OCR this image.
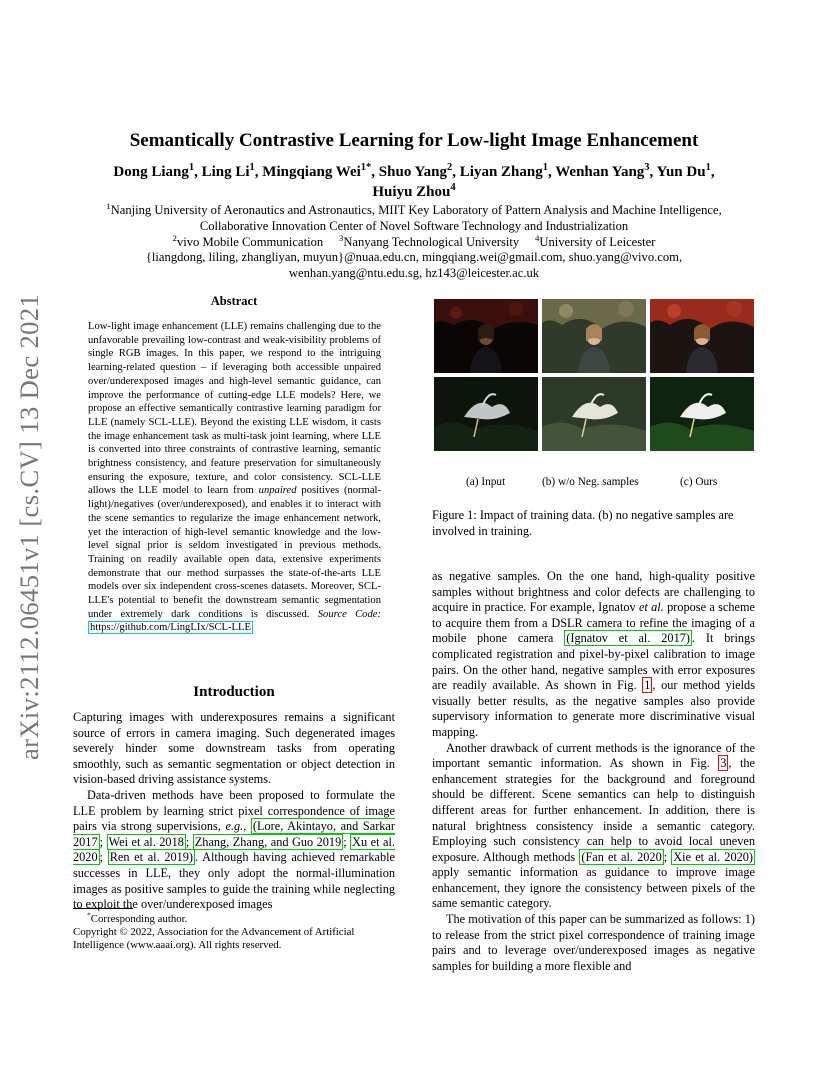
arXiv:2112.06451v1 [cs.CV] 13 Dec 2021
Semantically Contrastive Learning for Low-light Image Enhancement
Dong Liang$^1$, Ling Li$^1$, Mingqiang Wei$^{1*}$, Shuo Yang$^2$, Liyan Zhang$^1$, Wenhan Yang$^3$, Yun Du$^1$,
Huiyu Zhou$^4$
$^1$Nanjing University of Aeronautics and Astronautics, MIIT Key Laboratory of Pattern Analysis and Machine Intelligence,
Collaborative Innovation Center of Novel Software Technology and Industrialization
$^2$vivo Mobile Communication $^3$Nanyang Technological University $^4$University of Leicester
{liangdong, liling, zhangliyan, muyun}@nuaa.edu.cn, mingqiang.wei@gmail.com, shuo.yang@vivo.com,
wenhan.yang@ntu.edu.sg, hz143@leicester.ac.uk
Abstract
Low-light image enhancement (LLE) remains challenging due to the unfavorable prevailing low-contrast and weak-visibility problems of single RGB images. In this paper, we respond to the intriguing learning-related question – if leveraging both accessible unpaired over/underexposed images and high-level semantic guidance, can improve the performance of cutting-edge LLE models? Here, we propose an effective semantically contrastive learning paradigm for LLE (namely SCL-LLE). Beyond the existing LLE wisdom, it casts the image enhancement task as multi-task joint learning, where LLE is converted into three constraints of contrastive learning, semantic brightness consistency, and feature preservation for simultaneously ensuring the exposure, texture, and color consistency. SCL-LLE allows the LLE model to learn from unpaired positives (normal-light)/negatives (over/underexposed), and enables it to interact with the scene semantics to regularize the image enhancement network, yet the interaction of high-level semantic knowledge and the low-level signal prior is seldom investigated in previous methods. Training on readily available open data, extensive experiments demonstrate that our method surpasses the state-of-the-arts LLE models over six independent cross-scenes datasets. Moreover, SCL-LLE's potential to benefit the downstream semantic segmentation under extremely dark conditions is discussed. Source Code: https://github.com/LingLIx/SCL-LLE
Introduction

Capturing images with underexposures remains a significant source of errors in camera imaging. Such degenerated images severely hinder some downstream tasks from operating smoothly, such as semantic segmentation or object detection in vision-based driving assistance systems.

Data-driven methods have been proposed to formulate the LLE problem by learning strict pixel correspondence of image pairs via strong supervisions, e.g., (Lore, Akintayo, and Sarkar 2017 ; Wei et al. 2018 ; Zhang, Zhang, and Guo 2019 ; Xu et al. 2020 ; Ren et al. 2019) . Although having achieved remarkable successes in LLE, they only adopt the normal-illumination images as positive samples to guide the training while neglecting to exploit the over/underexposed images

*Corresponding author.
Copyright © 2022, Association for the Advancement of Artificial Intelligence (www.aaai.org). All rights reserved.
(a) Input	(b) w/o Neg. samples	(c) Ours
Figure 1: Impact of training data. (b) no negative samples are involved in training.

as negative samples. On the one hand, high-quality positive samples without brightness and color defects are challenging to acquire in practice. For example, Ignatov et al. propose a scheme to acquire them from a DSLR camera to refine the imaging of a mobile phone camera (Ignatov et al. 2017) . It brings complicated registration and pixel-by-pixel calibration to image pairs. On the other hand, negative samples with error exposures are readily available. As shown in Fig. 1 , our method yields visually better results, as the negative samples also provide supervisory information to generate more discriminative visual mapping.

Another drawback of current methods is the ignorance of the important semantic information. As shown in Fig. 3 , the enhancement strategies for the background and foreground should be different. Scene semantics can help to distinguish different areas for further enhancement. In addition, there is natural brightness consistency inside a semantic category. Employing such consistency can help to avoid local uneven exposure. Although methods (Fan et al. 2020 ; Xie et al. 2020) apply semantic information as guidance to improve image enhancement, they ignore the consistency between pixels of the same semantic category.

The motivation of this paper can be summarized as follows: 1) to release from the strict pixel correspondence of training image pairs and to leverage over/underexposed images as negative samples for building a more flexible and
